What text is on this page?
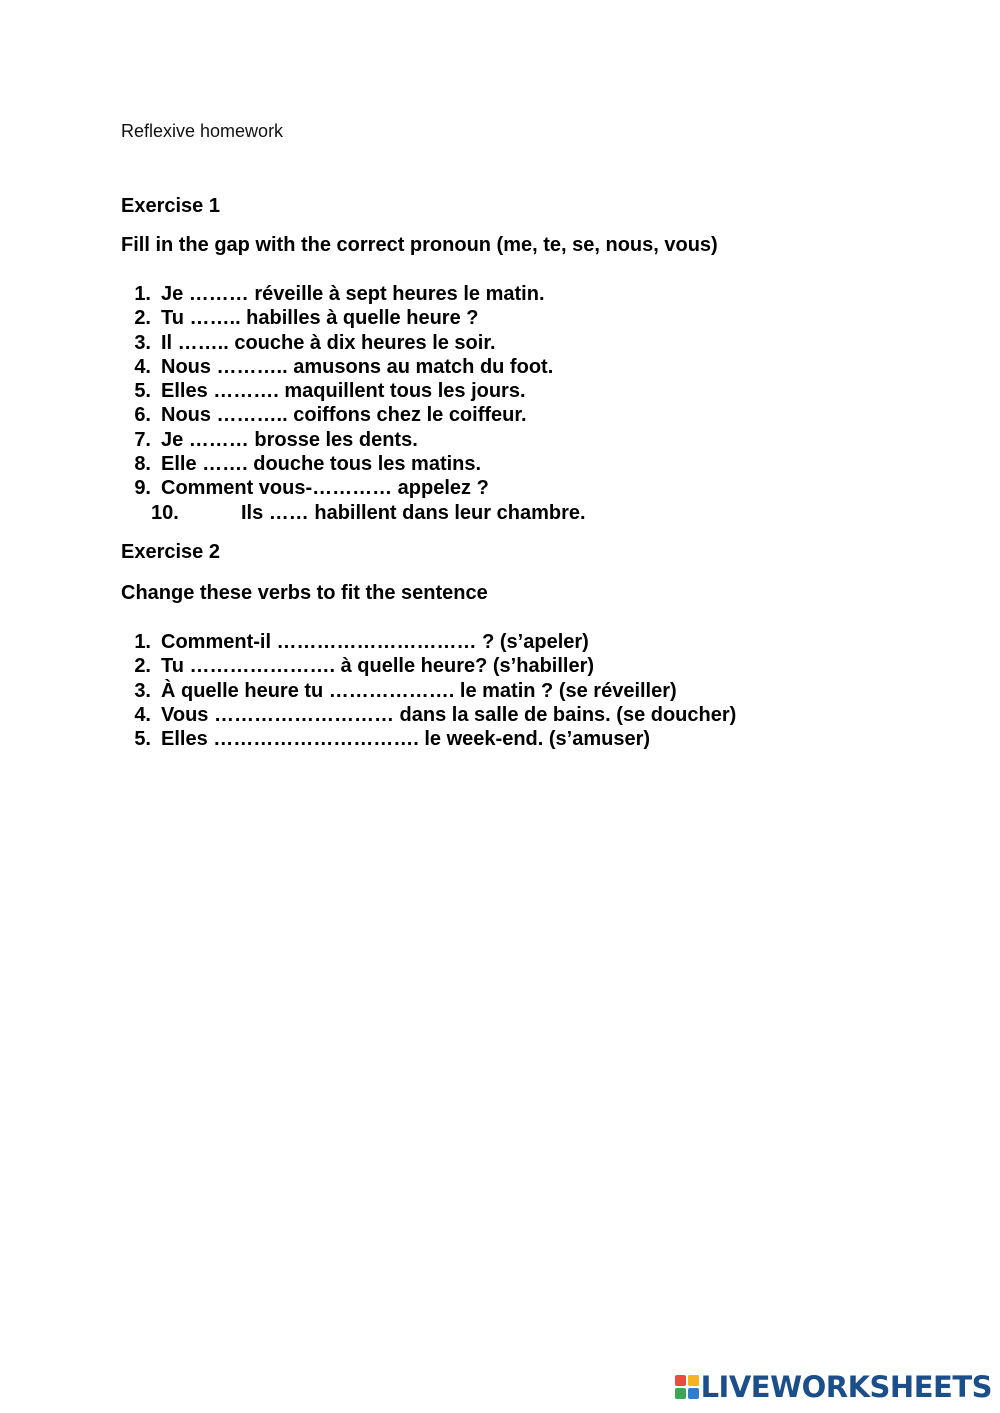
Reflexive homework
Exercise 1
Fill in the gap with the correct pronoun (me, te, se, nous, vous)
1. Je ……… réveille à sept heures le matin.
2. Tu …….. habilles à quelle heure ?
3. Il …….. couche à dix heures le soir.
4. Nous ……….. amusons au match du foot.
5. Elles ………. maquillent tous les jours.
6. Nous ……….. coiffons chez le coiffeur.
7. Je ……… brosse les dents.
8. Elle ……. douche tous les matins.
9. Comment vous-………… appelez ?
10.	Ils …… habillent dans leur chambre.
Exercise 2
Change these verbs to fit the sentence
1. Comment-il ………………………… ? (s’apeler)
2. Tu …………………. à quelle heure? (s’habiller)
3. À quelle heure tu ………………. le matin ? (se réveiller)
4. Vous ……………………… dans la salle de bains. (se doucher)
5. Elles …………………………. le week-end. (s’amuser)
LIVEWORKSHEETS
